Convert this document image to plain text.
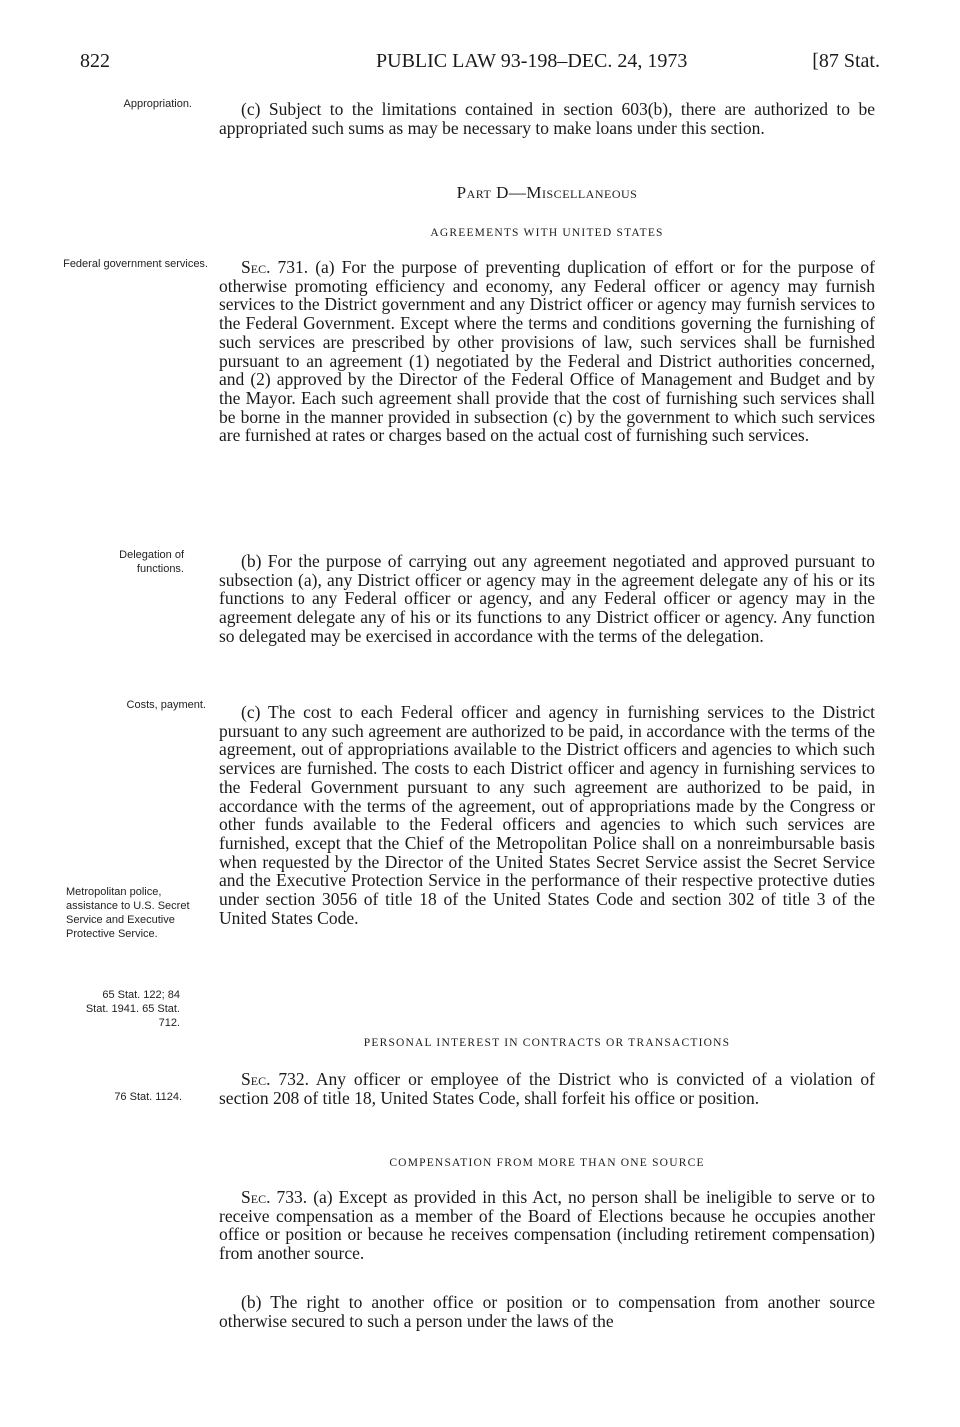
822	PUBLIC LAW 93-198–DEC. 24, 1973	[87 Stat.
Appropriation.
Federal government services.
Delegation of functions.
Costs, payment.
Metropolitan police, assistance to U.S. Secret Service and Executive Protective Service.
65 Stat. 122; 84 Stat. 1941. 65 Stat. 712.
76 Stat. 1124.

(c) Subject to the limitations contained in section 603(b), there are authorized to be appropriated such sums as may be necessary to make loans under this section.

Part D—Miscellaneous
AGREEMENTS WITH UNITED STATES

Sec. 731. (a) For the purpose of preventing duplication of effort or for the purpose of otherwise promoting efficiency and economy, any Federal officer or agency may furnish services to the District government and any District officer or agency may furnish services to the Federal Government. Except where the terms and conditions governing the furnishing of such services are prescribed by other provisions of law, such services shall be furnished pursuant to an agreement (1) negotiated by the Federal and District authorities concerned, and (2) approved by the Director of the Federal Office of Management and Budget and by the Mayor. Each such agreement shall provide that the cost of furnishing such services shall be borne in the manner provided in subsection (c) by the government to which such services are furnished at rates or charges based on the actual cost of furnishing such services.

(b) For the purpose of carrying out any agreement negotiated and approved pursuant to subsection (a), any District officer or agency may in the agreement delegate any of his or its functions to any Federal officer or agency, and any Federal officer or agency may in the agreement delegate any of his or its functions to any District officer or agency. Any function so delegated may be exercised in accordance with the terms of the delegation.

(c) The cost to each Federal officer and agency in furnishing services to the District pursuant to any such agreement are authorized to be paid, in accordance with the terms of the agreement, out of appropriations available to the District officers and agencies to which such services are furnished. The costs to each District officer and agency in furnishing services to the Federal Government pursuant to any such agreement are authorized to be paid, in accordance with the terms of the agreement, out of appropriations made by the Congress or other funds available to the Federal officers and agencies to which such services are furnished, except that the Chief of the Metropolitan Police shall on a nonreimbursable basis when requested by the Director of the United States Secret Service assist the Secret Service and the Executive Protection Service in the performance of their respective protective duties under section 3056 of title 18 of the United States Code and section 302 of title 3 of the United States Code.

PERSONAL INTEREST IN CONTRACTS OR TRANSACTIONS

Sec. 732. Any officer or employee of the District who is convicted of a violation of section 208 of title 18, United States Code, shall forfeit his office or position.

COMPENSATION FROM MORE THAN ONE SOURCE

Sec. 733. (a) Except as provided in this Act, no person shall be ineligible to serve or to receive compensation as a member of the Board of Elections because he occupies another office or position or because he receives compensation (including retirement compensation) from another source.

(b) The right to another office or position or to compensation from another source otherwise secured to such a person under the laws of the
